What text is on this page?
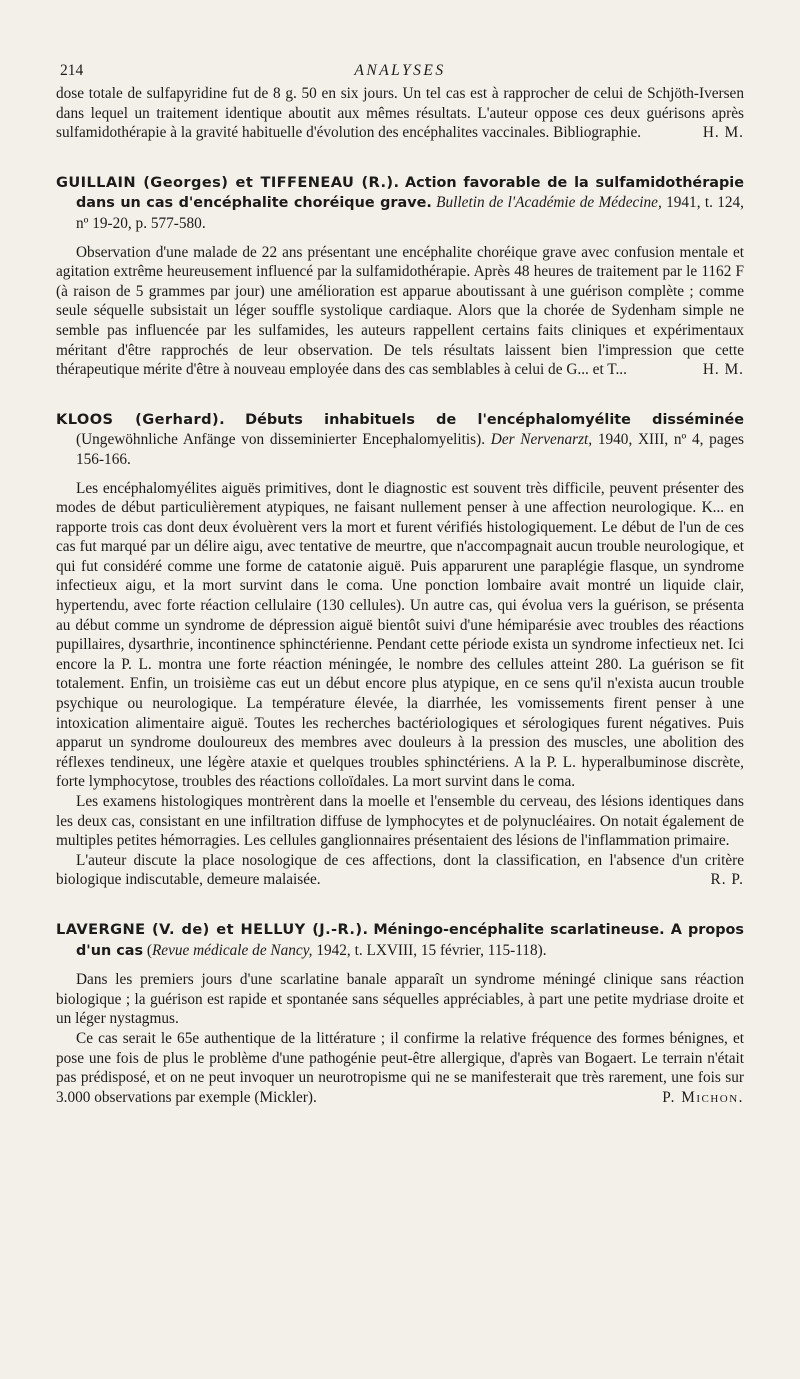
214	ANALYSES

dose totale de sulfapyridine fut de 8 g. 50 en six jours. Un tel cas est à rapprocher de celui de Schjöth-Iversen dans lequel un traitement identique aboutit aux mêmes résultats. L'auteur oppose ces deux guérisons après sulfamidothérapie à la gravité habituelle d'évolution des encéphalites vaccinales. Bibliographie.	H. M.

GUILLAIN (Georges) et TIFFENEAU (R.). Action favorable de la sulfamidothérapie dans un cas d'encéphalite choréique grave. Bulletin de l'Académie de Médecine, 1941, t. 124, nº 19-20, p. 577-580.

Observation d'une malade de 22 ans présentant une encéphalite choréique grave avec confusion mentale et agitation extrême heureusement influencé par la sulfamidothérapie. Après 48 heures de traitement par le 1162 F (à raison de 5 grammes par jour) une amélioration est apparue aboutissant à une guérison complète ; comme seule séquelle subsistait un léger souffle systolique cardiaque. Alors que la chorée de Sydenham simple ne semble pas influencée par les sulfamides, les auteurs rappellent certains faits cliniques et expérimentaux méritant d'être rapprochés de leur observation. De tels résultats laissent bien l'impression que cette thérapeutique mérite d'être à nouveau employée dans des cas semblables à celui de G... et T...	H. M.

KLOOS (Gerhard). Débuts inhabituels de l'encéphalomyélite disséminée (Ungewöhnliche Anfänge von disseminierter Encephalomyelitis). Der Nervenarzt, 1940, XIII, nº 4, pages 156-166.

Les encéphalomyélites aiguës primitives, dont le diagnostic est souvent très difficile, peuvent présenter des modes de début particulièrement atypiques, ne faisant nullement penser à une affection neurologique. K... en rapporte trois cas dont deux évoluèrent vers la mort et furent vérifiés histologiquement. Le début de l'un de ces cas fut marqué par un délire aigu, avec tentative de meurtre, que n'accompagnait aucun trouble neurologique, et qui fut considéré comme une forme de catatonie aiguë. Puis apparurent une paraplégie flasque, un syndrome infectieux aigu, et la mort survint dans le coma. Une ponction lombaire avait montré un liquide clair, hypertendu, avec forte réaction cellulaire (130 cellules). Un autre cas, qui évolua vers la guérison, se présenta au début comme un syndrome de dépression aiguë bientôt suivi d'une hémiparésie avec troubles des réactions pupillaires, dysarthrie, incontinence sphinctérienne. Pendant cette période exista un syndrome infectieux net. Ici encore la P. L. montra une forte réaction méningée, le nombre des cellules atteint 280. La guérison se fit totalement. Enfin, un troisième cas eut un début encore plus atypique, en ce sens qu'il n'exista aucun trouble psychique ou neurologique. La température élevée, la diarrhée, les vomissements firent penser à une intoxication alimentaire aiguë. Toutes les recherches bactériologiques et sérologiques furent négatives. Puis apparut un syndrome douloureux des membres avec douleurs à la pression des muscles, une abolition des réflexes tendineux, une légère ataxie et quelques troubles sphinctériens. A la P. L. hyperalbuminose discrète, forte lymphocytose, troubles des réactions colloïdales. La mort survint dans le coma.

Les examens histologiques montrèrent dans la moelle et l'ensemble du cerveau, des lésions identiques dans les deux cas, consistant en une infiltration diffuse de lymphocytes et de polynucléaires. On notait également de multiples petites hémorragies. Les cellules ganglionnaires présentaient des lésions de l'inflammation primaire.

L'auteur discute la place nosologique de ces affections, dont la classification, en l'absence d'un critère biologique indiscutable, demeure malaisée.	R. P.

LAVERGNE (V. de) et HELLUY (J.-R.). Méningo-encéphalite scarlatineuse. A propos d'un cas (Revue médicale de Nancy, 1942, t. LXVIII, 15 février, 115-118).

Dans les premiers jours d'une scarlatine banale apparaît un syndrome méningé clinique sans réaction biologique ; la guérison est rapide et spontanée sans séquelles appréciables, à part une petite mydriase droite et un léger nystagmus.

Ce cas serait le 65e authentique de la littérature ; il confirme la relative fréquence des formes bénignes, et pose une fois de plus le problème d'une pathogénie peut-être allergique, d'après van Bogaert. Le terrain n'était pas prédisposé, et on ne peut invoquer un neurotropisme qui ne se manifesterait que très rarement, une fois sur 3.000 observations par exemple (Mickler).	P. Michon.
